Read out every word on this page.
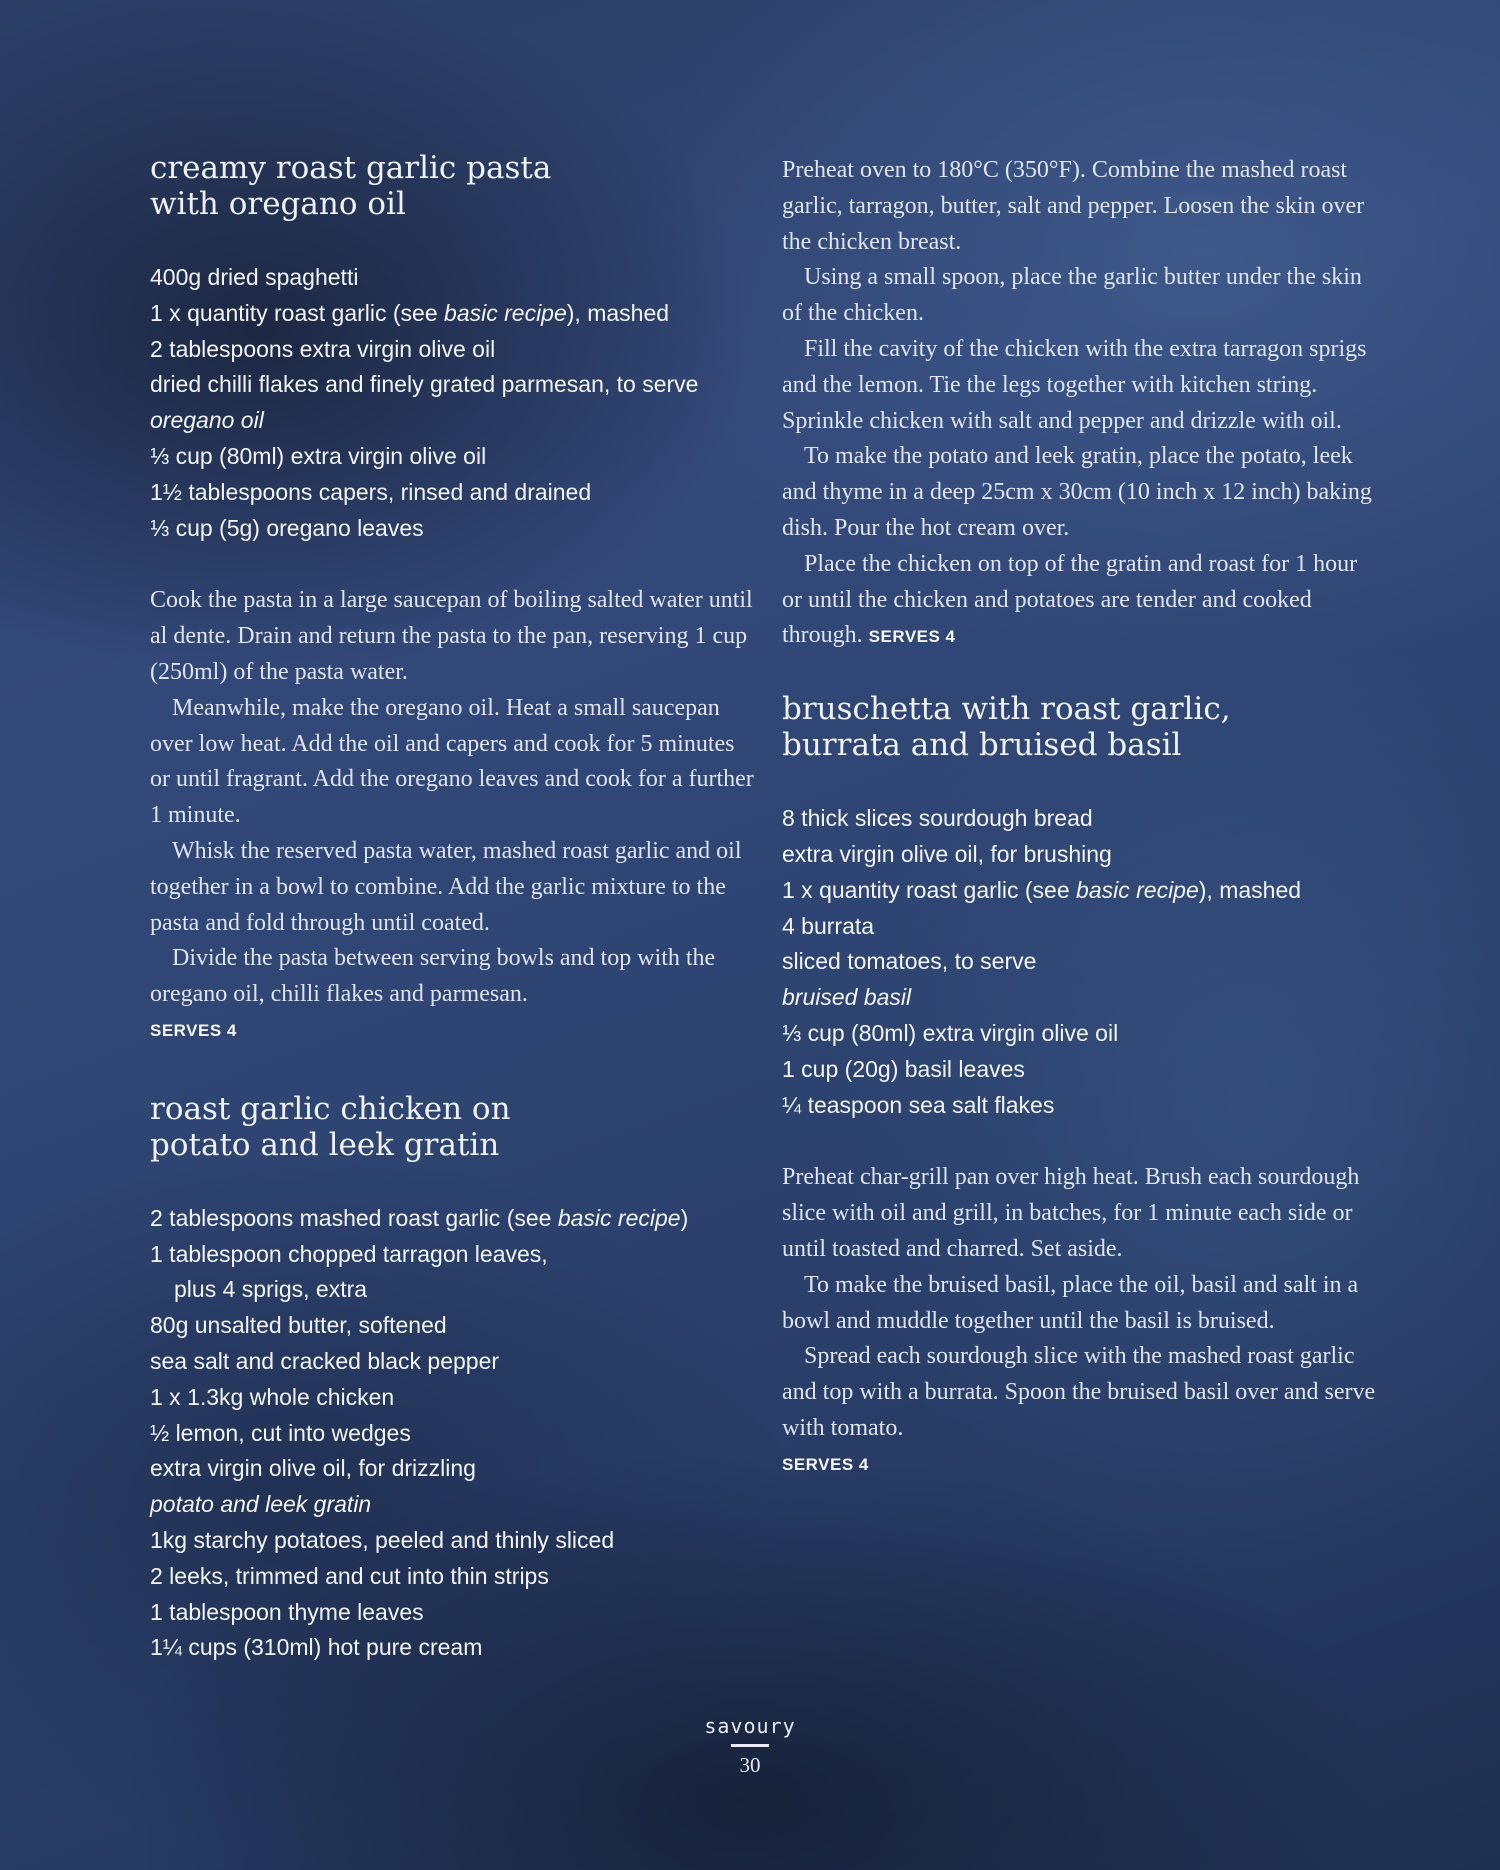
creamy roast garlic pasta
with oregano oil
400g dried spaghetti
1 x quantity roast garlic (see basic recipe), mashed
2 tablespoons extra virgin olive oil
dried chilli flakes and finely grated parmesan, to serve
oregano oil
⅓ cup (80ml) extra virgin olive oil
1½ tablespoons capers, rinsed and drained
⅓ cup (5g) oregano leaves

Cook the pasta in a large saucepan of boiling salted water until al dente. Drain and return the pasta to the pan, reserving 1 cup (250ml) of the pasta water.

Meanwhile, make the oregano oil. Heat a small saucepan over low heat. Add the oil and capers and cook for 5 minutes or until fragrant. Add the oregano leaves and cook for a further 1 minute.

Whisk the reserved pasta water, mashed roast garlic and oil together in a bowl to combine. Add the garlic mixture to the pasta and fold through until coated.

Divide the pasta between serving bowls and top with the oregano oil, chilli flakes and parmesan.

SERVES 4
roast garlic chicken on
potato and leek gratin
2 tablespoons mashed roast garlic (see basic recipe)
1 tablespoon chopped tarragon leaves,
plus 4 sprigs, extra
80g unsalted butter, softened
sea salt and cracked black pepper
1 x 1.3kg whole chicken
½ lemon, cut into wedges
extra virgin olive oil, for drizzling
potato and leek gratin
1kg starchy potatoes, peeled and thinly sliced
2 leeks, trimmed and cut into thin strips
1 tablespoon thyme leaves
1¼ cups (310ml) hot pure cream

Preheat oven to 180°C (350°F). Combine the mashed roast garlic, tarragon, butter, salt and pepper. Loosen the skin over the chicken breast.

Using a small spoon, place the garlic butter under the skin of the chicken.

Fill the cavity of the chicken with the extra tarragon sprigs and the lemon. Tie the legs together with kitchen string. Sprinkle chicken with salt and pepper and drizzle with oil.

To make the potato and leek gratin, place the potato, leek and thyme in a deep 25cm x 30cm (10 inch x 12 inch) baking dish. Pour the hot cream over.

Place the chicken on top of the gratin and roast for 1 hour or until the chicken and potatoes are tender and cooked through. SERVES 4

bruschetta with roast garlic,
burrata and bruised basil
8 thick slices sourdough bread
extra virgin olive oil, for brushing
1 x quantity roast garlic (see basic recipe), mashed
4 burrata
sliced tomatoes, to serve
bruised basil
⅓ cup (80ml) extra virgin olive oil
1 cup (20g) basil leaves
¼ teaspoon sea salt flakes

Preheat char-grill pan over high heat. Brush each sourdough slice with oil and grill, in batches, for 1 minute each side or until toasted and charred. Set aside.

To make the bruised basil, place the oil, basil and salt in a bowl and muddle together until the basil is bruised.

Spread each sourdough slice with the mashed roast garlic and top with a burrata. Spoon the bruised basil over and serve with tomato.

SERVES 4
savoury
30
